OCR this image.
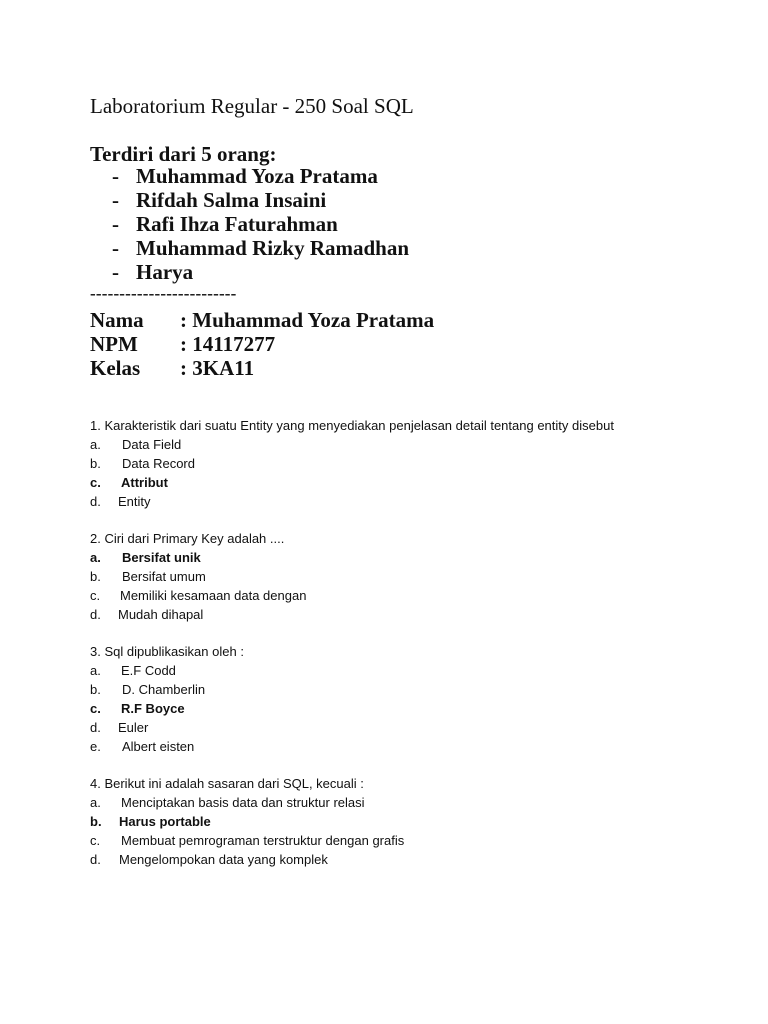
Laboratorium Regular - 250 Soal SQL
Terdiri dari 5 orang:
- Muhammad Yoza Pratama
- Rifdah Salma Insaini
- Rafi Ihza Faturahman
- Muhammad Rizky Ramadhan
- Harya
-------------------------
Nama : Muhammad Yoza Pratama
NPM : 14117277
Kelas : 3KA11
1. Karakteristik dari suatu Entity yang menyediakan penjelasan detail tentang entity disebut
a. Data Field
b. Data Record
c. Attribut
d. Entity
2. Ciri dari Primary Key adalah ....
a. Bersifat unik
b. Bersifat umum
c. Memiliki kesamaan data dengan
d. Mudah dihapal
3. Sql dipublikasikan oleh :
a. E.F Codd
b. D. Chamberlin
c. R.F Boyce
d. Euler
e. Albert eisten
4. Berikut ini adalah sasaran dari SQL, kecuali :
a. Menciptakan basis data dan struktur relasi
b. Harus portable
c. Membuat pemrograman terstruktur dengan grafis
d. Mengelompokan data yang komplek
